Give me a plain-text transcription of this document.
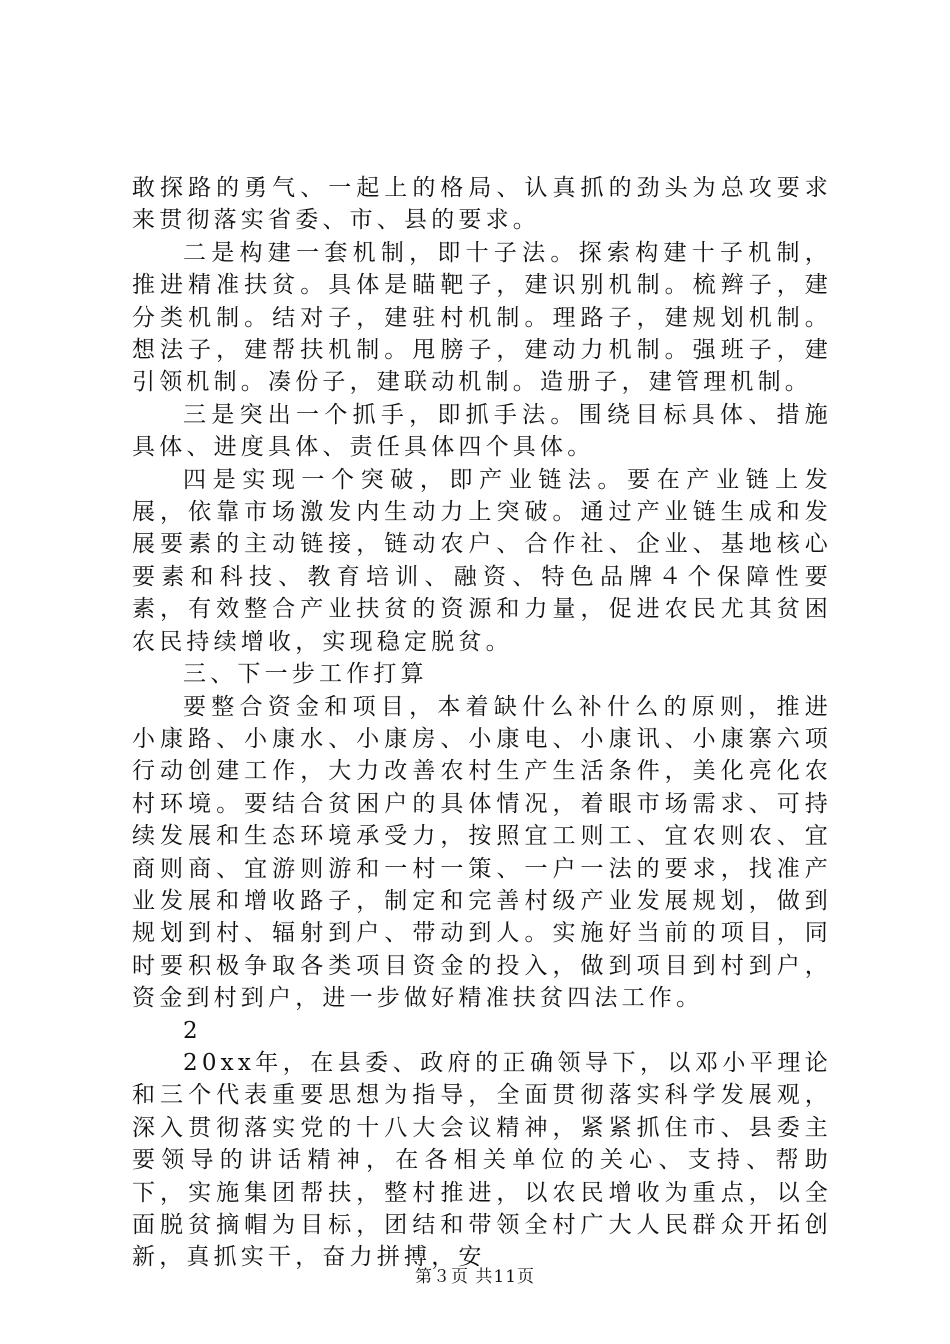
敢探路的勇气、一起上的格局、认真抓的劲头为总攻要求来贯彻落实省委、市、县的要求。

二是构建一套机制，即十子法。探索构建十子机制，推进精准扶贫。具体是瞄靶子，建识别机制。梳辫子，建分类机制。结对子，建驻村机制。理路子，建规划机制。想法子，建帮扶机制。甩膀子，建动力机制。强班子，建引领机制。凑份子，建联动机制。造册子，建管理机制。

三是突出一个抓手，即抓手法。围绕目标具体、措施具体、进度具体、责任具体四个具体。

四是实现一个突破，即产业链法。要在产业链上发展，依靠市场激发内生动力上突破。通过产业链生成和发展要素的主动链接，链动农户、合作社、企业、基地核心要素和科技、教育培训、融资、特色品牌４个保障性要素，有效整合产业扶贫的资源和力量，促进农民尤其贫困农民持续增收，实现稳定脱贫。

三、下一步工作打算

要整合资金和项目，本着缺什么补什么的原则，推进小康路、小康水、小康房、小康电、小康讯、小康寨六项行动创建工作，大力改善农村生产生活条件，美化亮化农村环境。要结合贫困户的具体情况，着眼市场需求、可持续发展和生态环境承受力，按照宜工则工、宜农则农、宜商则商、宜游则游和一村一策、一户一法的要求，找准产业发展和增收路子，制定和完善村级产业发展规划，做到规划到村、辐射到户、带动到人。实施好当前的项目，同时要积极争取各类项目资金的投入，做到项目到村到户，资金到村到户，进一步做好精准扶贫四法工作。

2

20xx年，在县委、政府的正确领导下，以邓小平理论和三个代表重要思想为指导，全面贯彻落实科学发展观，深入贯彻落实党的十八大会议精神，紧紧抓住市、县委主要领导的讲话精神，在各相关单位的关心、支持、帮助下，实施集团帮扶，整村推进，以农民增收为重点，以全面脱贫摘帽为目标，团结和带领全村广大人民群众开拓创新，真抓实干，奋力拼搏，安

第３页 共11页
